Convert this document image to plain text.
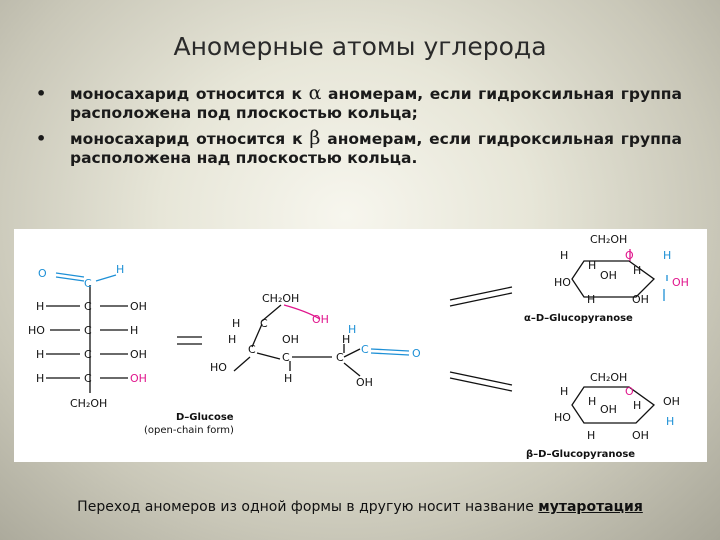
Аномерные атомы углерода
• моносахарид относится к α аномерам, если гидроксильная группа расположена под плоскостью кольца;
• моносахарид относится к β аномерам, если гидроксильная группа расположена над плоскостью кольца.
O
C
H
H	C	OH
HO	C	H
H	C	OH
H	C	OH
CH₂OH
D–Glucose
(open-chain form)
CH₂OH
H C	OH
H
C
OH
C	C
H
H
C	O
HO
H	OH
CH₂OH
O	H
H
H
OH H
HO	OH
H	OH
α–D–Glucopyranose
CH₂OH
O
OH
H
H
OH H
HO	H
H	OH
β–D–Glucopyranose
Переход аномеров из одной формы в другую носит название мутаротация
